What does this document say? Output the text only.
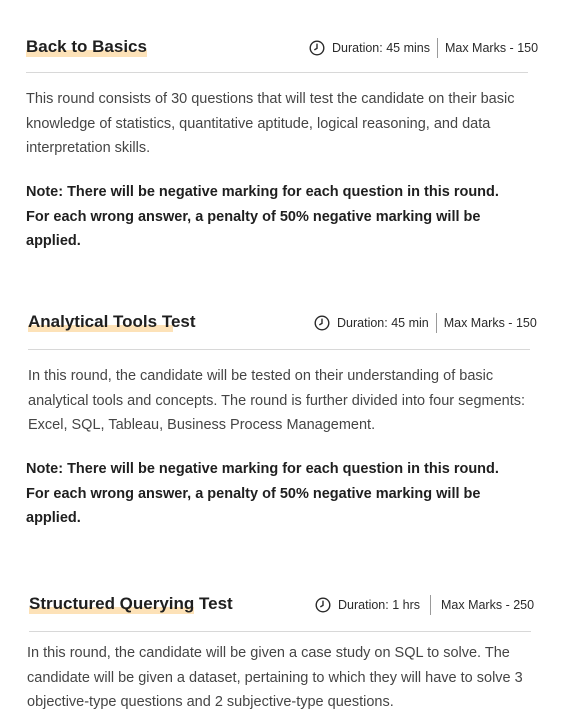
Back to Basics	Duration: 45 mins Max Marks - 150
This round consists of 30 questions that will test the candidate on their basic knowledge of statistics, quantitative aptitude, logical reasoning, and data interpretation skills.
Note: There will be negative marking for each question in this round. For each wrong answer, a penalty of 50% negative marking will be applied.
Analytical Tools Test	Duration: 45 min Max Marks - 150
In this round, the candidate will be tested on their understanding of basic analytical tools and concepts. The round is further divided into four segments: Excel, SQL, Tableau, Business Process Management.
Note: There will be negative marking for each question in this round. For each wrong answer, a penalty of 50% negative marking will be applied.
Structured Querying Test	Duration: 1 hrs Max Marks - 250
In this round, the candidate will be given a case study on SQL to solve. The candidate will be given a dataset, pertaining to which they will have to solve 3 objective-type questions and 2 subjective-type questions.
